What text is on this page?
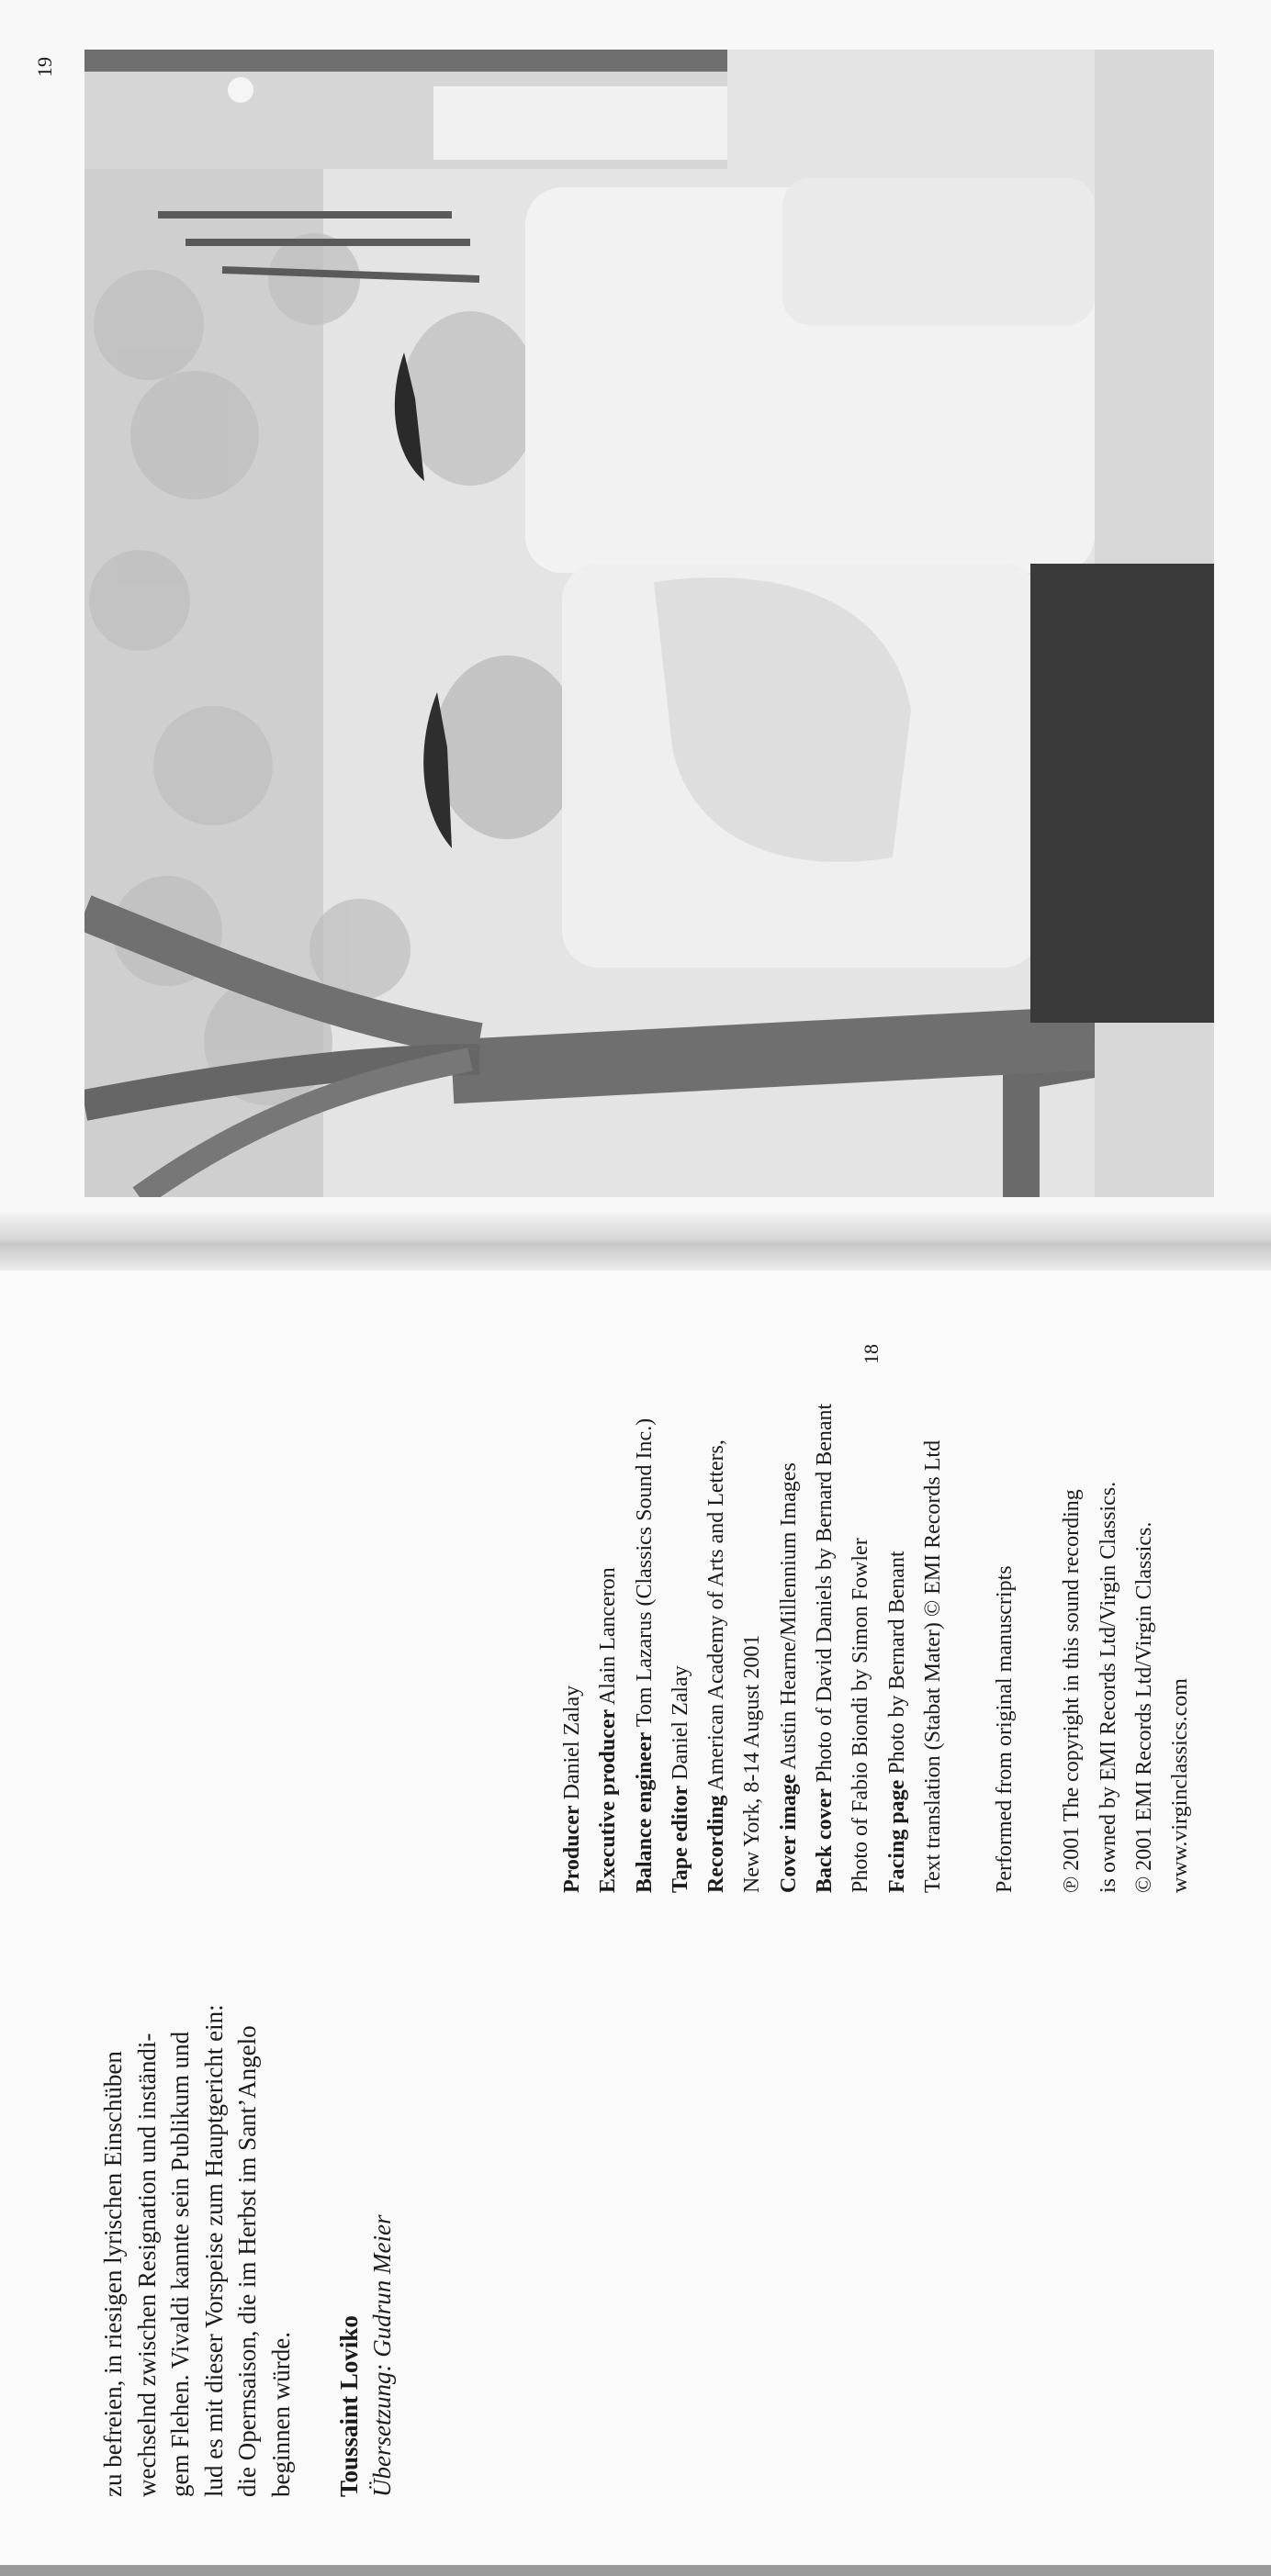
19
18
zu befreien, in riesigen lyrischen Einschüben wechselnd zwischen Resignation und inständi- gem Flehen. Vivaldi kannte sein Publikum und lud es mit dieser Vorspeise zum Hauptgericht ein: die Opernsaison, die im Herbst im Sant’Angelo beginnen würde. Toussaint Loviko Übersetzung: Gudrun Meier
Producer Daniel Zalay Executive producer Alain Lanceron
Balance engineer Tom Lazarus (Classics Sound Inc.)
Tape editor Daniel Zalay
Recording American Academy of Arts and Letters, New York, 8-14 August 2001 Cover image Austin Hearne/Millennium Images
Back cover Photo of David Daniels by Bernard Benant Photo of Fabio Biondi by Simon Fowler Facing page Photo by Bernard Benant Text translation (Stabat Mater) © EMI Records Ltd	Performed from original manuscripts ℗ 2001 The copyright in this sound recording is owned by EMI Records Ltd/Virgin Classics. © 2001 EMI Records Ltd/Virgin Classics. www.virginclassics.com
